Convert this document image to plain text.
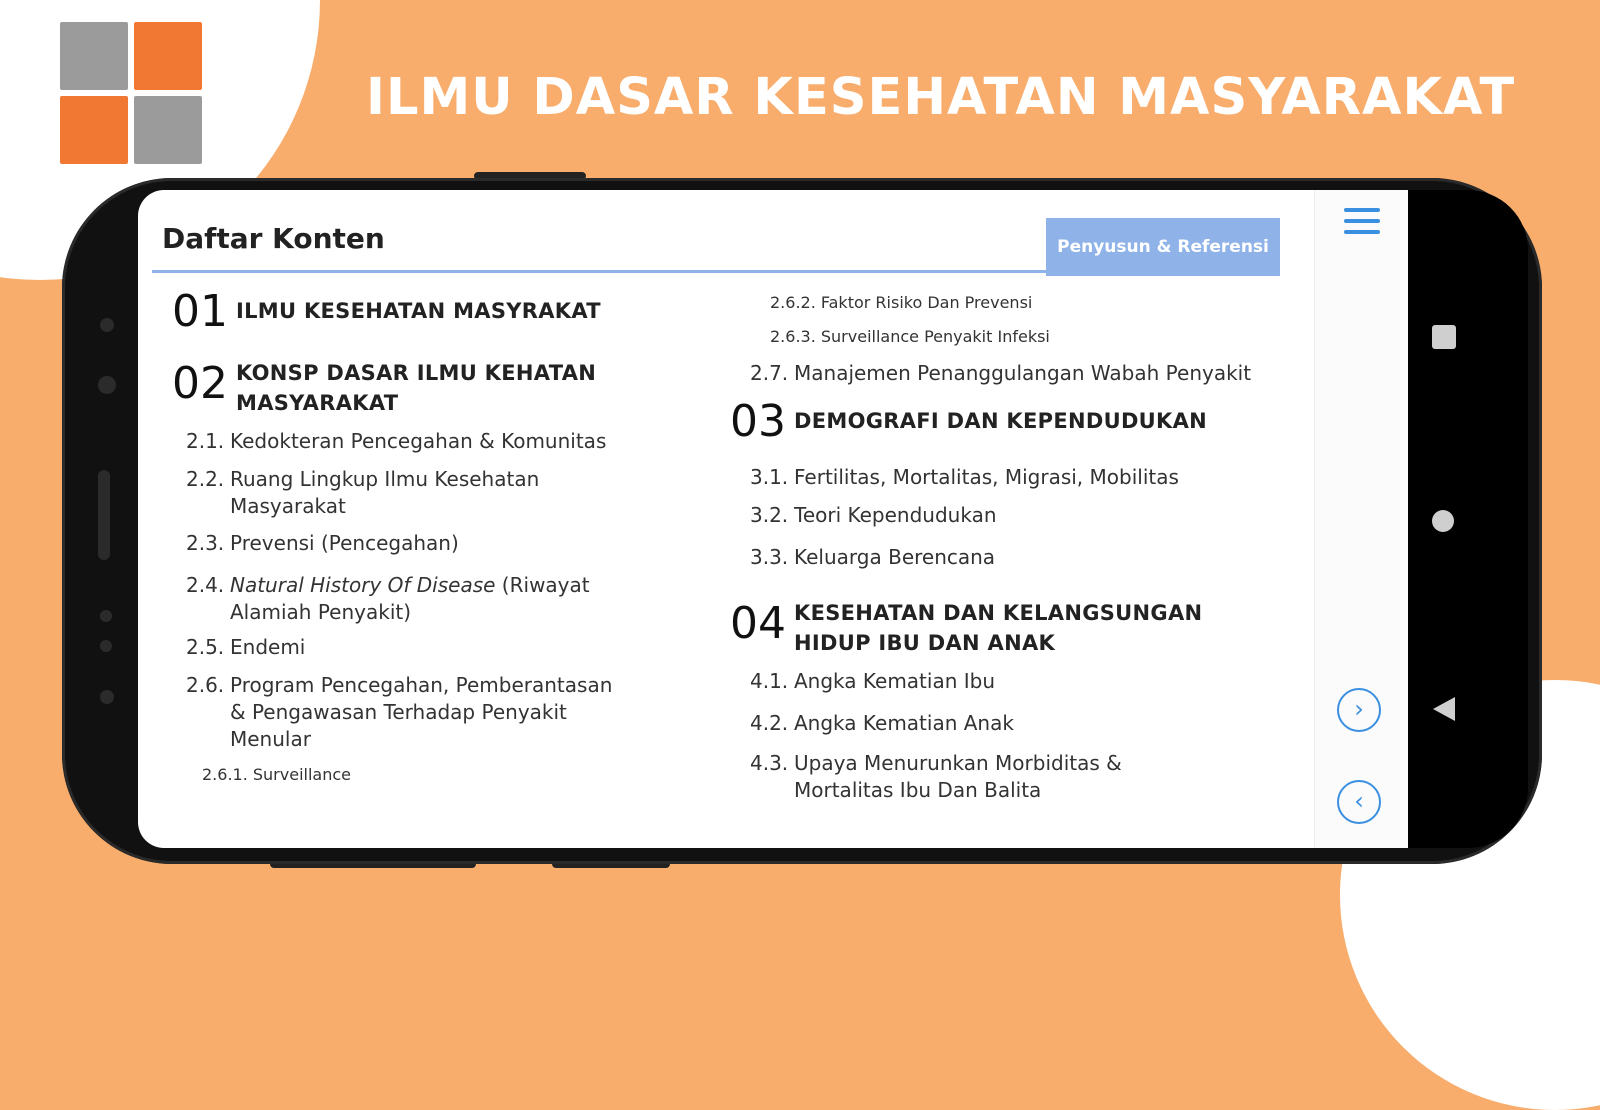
ILMU DASAR KESEHATAN MASYARAKAT
›
‹
Daftar Konten	Penyusun & Referensi
01 ILMU KESEHATAN MASYRAKAT
02 KONSP DASAR ILMU KEHATAN
MASYARAKAT
2.1. Kedokteran Pencegahan & Komunitas
2.2. Ruang Lingkup Ilmu Kesehatan
Masyarakat
2.3. Prevensi (Pencegahan)
2.4. Natural History Of Disease (Riwayat
Alamiah Penyakit)
2.5. Endemi
2.6. Program Pencegahan, Pemberantasan
& Pengawasan Terhadap Penyakit
Menular
2.6.1. Surveillance
2.6.2. Faktor Risiko Dan Prevensi
2.6.3. Surveillance Penyakit Infeksi
2.7. Manajemen Penanggulangan Wabah Penyakit
03 DEMOGRAFI DAN KEPENDUDUKAN
3.1. Fertilitas, Mortalitas, Migrasi, Mobilitas
3.2. Teori Kependudukan
3.3. Keluarga Berencana
04 KESEHATAN DAN KELANGSUNGAN
HIDUP IBU DAN ANAK
4.1. Angka Kematian Ibu
4.2. Angka Kematian Anak
4.3. Upaya Menurunkan Morbiditas &
Mortalitas Ibu Dan Balita
